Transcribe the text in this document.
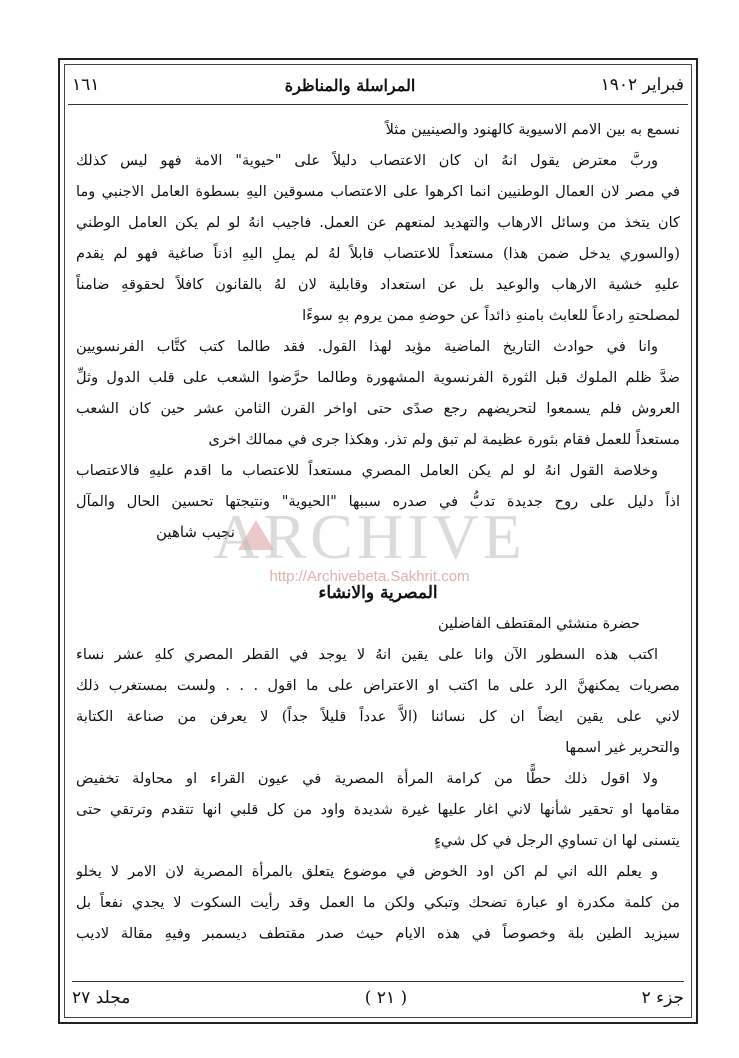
فبراير ١٩٠٢
المراسلة والمناظرة
١٦١
نسمع به بين الامم الاسيوية كالهنود والصينيين مثلاً
وربَّ معترض يقول انهُ ان كان الاعتصاب دليلاً على "حيوية" الامة فهو ليس كذلك
في مصر لان العمال الوطنيين انما اكرهوا على الاعتصاب مسوقين اليهِ بسطوة العامل الاجنبي وما
كان يتخذ من وسائل الارهاب والتهديد لمنعهم عن العمل. فاجيب انهُ لو لم يكن العامل الوطني
(والسوري يدخل ضمن هذا) مستعداً للاعتصاب قابلاً لهُ لم يملِ اليهِ اذناً صاغية فهو لم يقدم
عليهِ خشية الارهاب والوعيد بل عن استعداد وقابلية لان لهُ بالقانون كافلاً لحقوقهِ ضامناً
لمصلحتهِ رادعاً للعابث بامنهِ ذائداً عن حوضهِ ممن يروم بهِ سوءًا
وانا في حوادث التاريخ الماضية مؤيد لهذا القول. فقد طالما كتب كتَّاب الفرنسويين
ضدَّ ظلم الملوك قبل الثورة الفرنسوية المشهورة وطالما حرَّضوا الشعب على قلب الدول وثلِّ
العروش فلم يسمعوا لتحريضهم رجع صدًى حتى اواخر القرن الثامن عشر حين كان الشعب
مستعداً للعمل فقام بثورة عظيمة لم تبق ولم تذر. وهكذا جرى في ممالك اخرى
وخلاصة القول انهُ لو لم يكن العامل المصري مستعداً للاعتصاب ما اقدم عليهِ فالاعتصاب
اذاً دليل على روح جديدة تدبُّ في صدره سببها "الحيوية" ونتيجتها تحسين الحال والمآل
نجيب شاهين
المصرية والانشاء
حضرة منشئي المقتطف الفاضلين
اكتب هذه السطور الآن وانا على يقين انهُ لا يوجد في القطر المصري كلهِ عشر نساء
مصريات يمكنهنَّ الرد على ما اكتب او الاعتراض على ما اقول . . . ولست بمستغرب ذلك
لاني على يقين ايضاً ان كل نسائنا (الاَّ عدداً قليلاً جداً) لا يعرفن من صناعة الكتابة
والتحرير غير اسمها
ولا اقول ذلك حطًّا من كرامة المرأة المصرية في عيون القراء او محاولة تخفيض
مقامها او تحقير شأنها لاني اغار عليها غيرة شديدة واود من كل قلبي انها تتقدم وترتقي حتى
يتسنى لها ان تساوي الرجل في كل شيءٍ
و يعلم الله اني لم اكن اود الخوض في موضوع يتعلق بالمرأة المصرية لان الامر لا يخلو
من كلمة مكدرة او عبارة تضحك وتبكي ولكن ما العمل وقد رأيت السكوت لا يجدي نفعاً بل
سيزيد الطين بلة وخصوصاً في هذه الايام حيث صدر مقتطف ديسمبر وفيهِ مقالة لاديب
جزء ٢
( ٢١ )
مجلد ٢٧
ARCHIVE
http://Archivebeta.Sakhrit.com
